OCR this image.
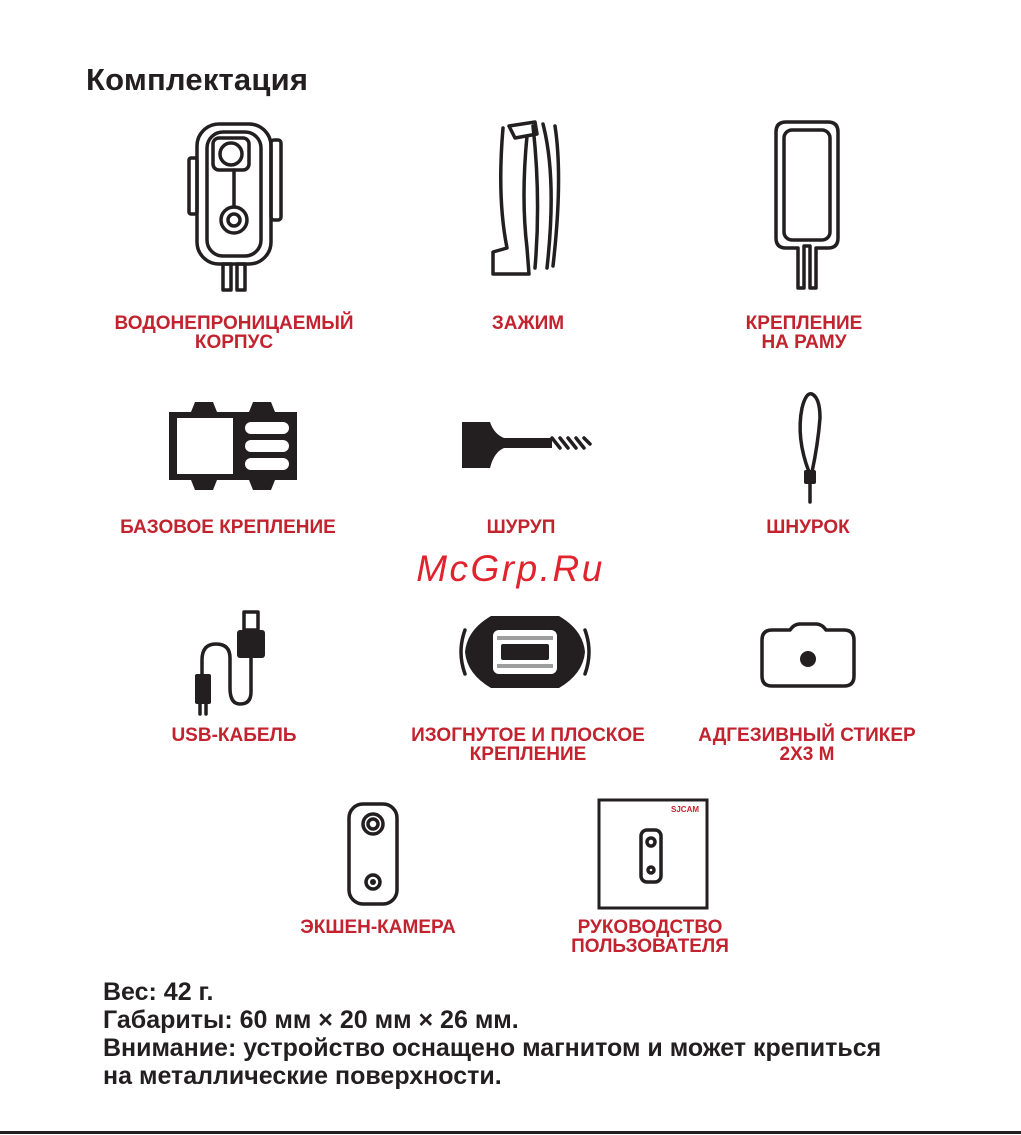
Комплектация
ВОДОНЕПРОНИЦАЕМЫЙ
КОРПУС
ЗАЖИМ	КРЕПЛЕНИЕ
НА РАМУ
БАЗОВОЕ КРЕПЛЕНИЕ	ШУРУП	ШНУРОК
McGrp.Ru
USB-КАБЕЛЬ	ИЗОГНУТОЕ И ПЛОСКОЕ
КРЕПЛЕНИЕ
АДГЕЗИВНЫЙ СТИКЕР
2X3 M
ЭКШЕН-КАМЕРА
SJCAM
РУКОВОДСТВО
ПОЛЬЗОВАТЕЛЯ
Вес: 42 г.
Габариты: 60 мм × 20 мм × 26 мм.
Внимание: устройство оснащено магнитом и может крепиться
на металлические поверхности.
